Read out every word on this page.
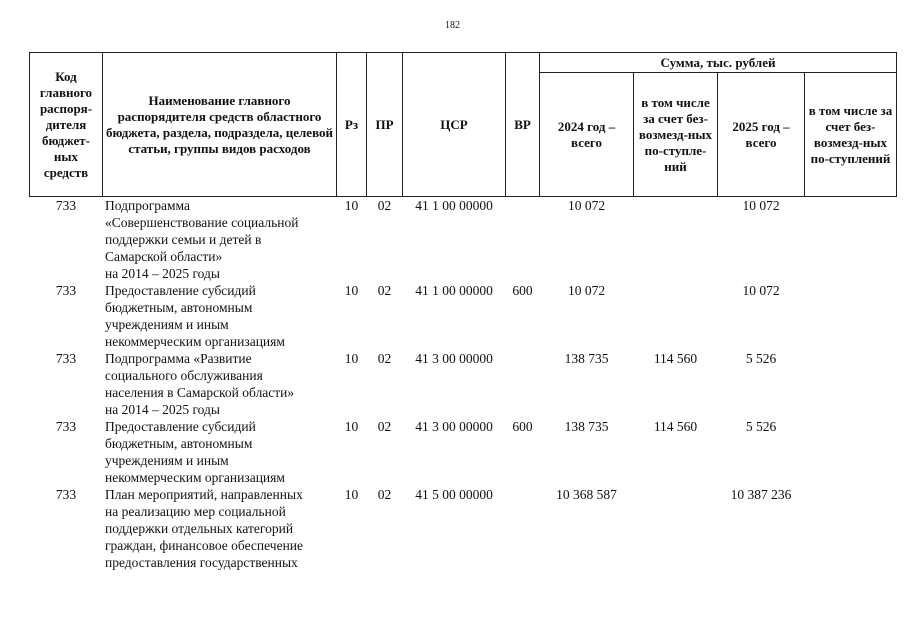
182
Код главного распоря-дителя бюджет-ных средств	Наименование главного распорядителя средств областного бюджета, раздела, подраздела, целевой статьи, группы видов расходов	Рз	ПР	ЦСР	ВР	Сумма, тыс. рублей			
						2024 год – всего	в том числе за счет без-возмезд-ных по-ступле-ний	2025 год – всего	в том числе за счет без-возмезд-ных по-ступлений
733	Подпрограмма
«Совершенствование социальной
поддержки семьи и детей в
Самарской области»
на 2014 – 2025 годы	10	02	41 1 00 00000		10 072		10 072	
733	Предоставление субсидий
бюджетным, автономным
учреждениям и иным
некоммерческим организациям	10	02	41 1 00 00000	600	10 072		10 072	
733	Подпрограмма «Развитие
социального обслуживания
населения в Самарской области»
на 2014 – 2025 годы	10	02	41 3 00 00000		138 735	114 560	5 526	
733	Предоставление субсидий
бюджетным, автономным
учреждениям и иным
некоммерческим организациям	10	02	41 3 00 00000	600	138 735	114 560	5 526	
733	План мероприятий, направленных
на реализацию мер социальной
поддержки отдельных категорий
граждан, финансовое обеспечение
предоставления государственных	10	02	41 5 00 00000		10 368 587		10 387 236	
